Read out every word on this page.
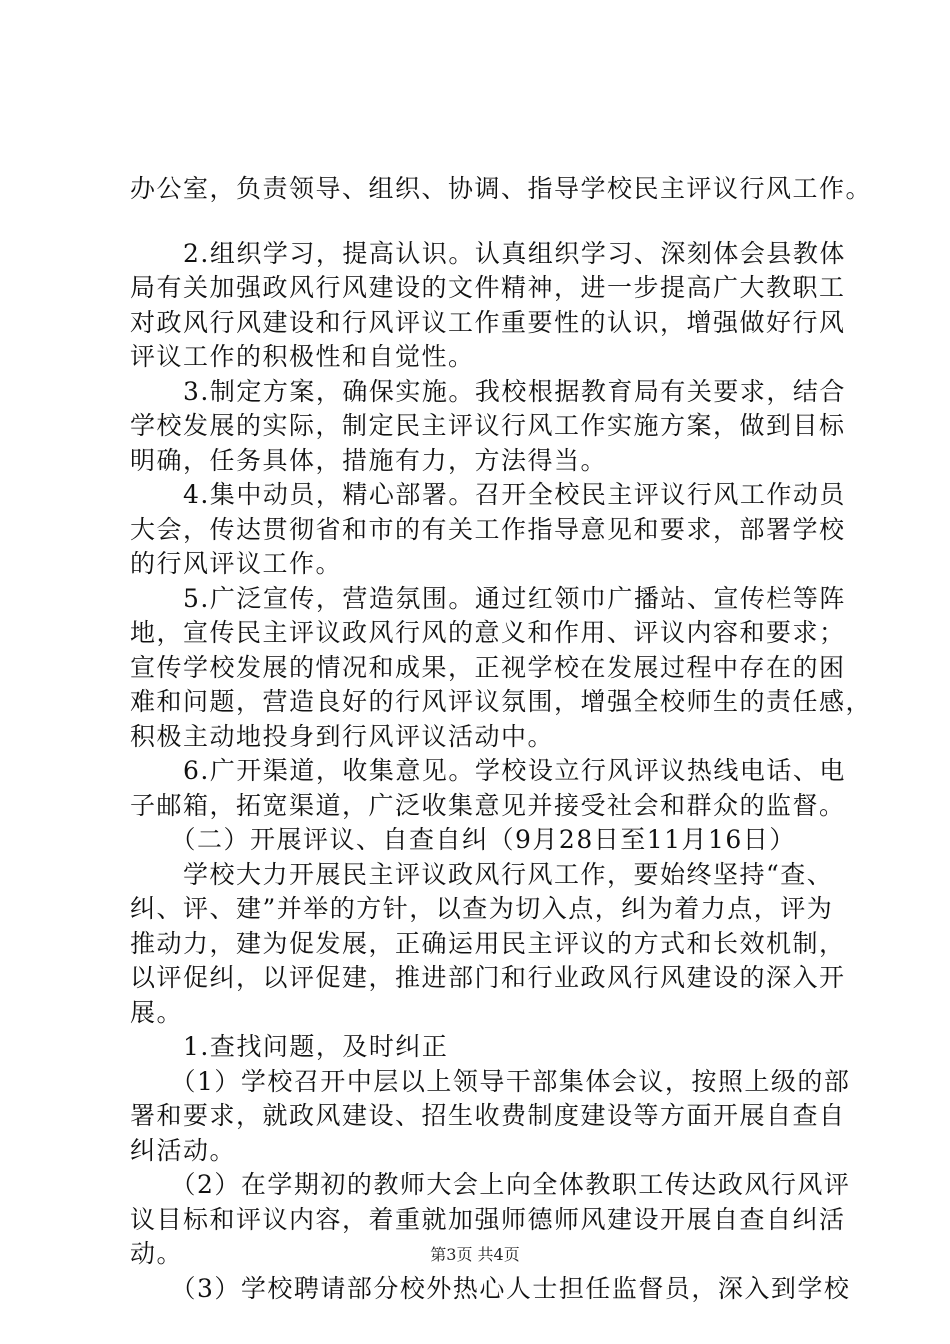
办公室，负责领导、组织、协调、指导学校民主评议行风工作。
　　2.组织学习，提高认识。认真组织学习、深刻体会县教体
局有关加强政风行风建设的文件精神，进一步提高广大教职工
对政风行风建设和行风评议工作重要性的认识，增强做好行风
评议工作的积极性和自觉性。
　　3.制定方案，确保实施。我校根据教育局有关要求，结合
学校发展的实际，制定民主评议行风工作实施方案，做到目标
明确，任务具体，措施有力，方法得当。
　　4.集中动员，精心部署。召开全校民主评议行风工作动员
大会，传达贯彻省和市的有关工作指导意见和要求，部署学校
的行风评议工作。
　　5.广泛宣传，营造氛围。通过红领巾广播站、宣传栏等阵
地，宣传民主评议政风行风的意义和作用、评议内容和要求；
宣传学校发展的情况和成果，正视学校在发展过程中存在的困
难和问题，营造良好的行风评议氛围，增强全校师生的责任感，
积极主动地投身到行风评议活动中。
　　6.广开渠道，收集意见。学校设立行风评议热线电话、电
子邮箱，拓宽渠道，广泛收集意见并接受社会和群众的监督。
　　（二）开展评议、自查自纠（9月28日至11月16日）
　　学校大力开展民主评议政风行风工作，要始终坚持“查、
纠、评、建”并举的方针，以查为切入点，纠为着力点，评为
推动力，建为促发展，正确运用民主评议的方式和长效机制，
以评促纠，以评促建，推进部门和行业政风行风建设的深入开
展。
　　1.查找问题，及时纠正
　　（1）学校召开中层以上领导干部集体会议，按照上级的部
署和要求，就政风建设、招生收费制度建设等方面开展自查自
纠活动。
　　（2）在学期初的教师大会上向全体教职工传达政风行风评
议目标和评议内容，着重就加强师德师风建设开展自查自纠活
动。
　　（3）学校聘请部分校外热心人士担任监督员，深入到学校
第3页 共4页
